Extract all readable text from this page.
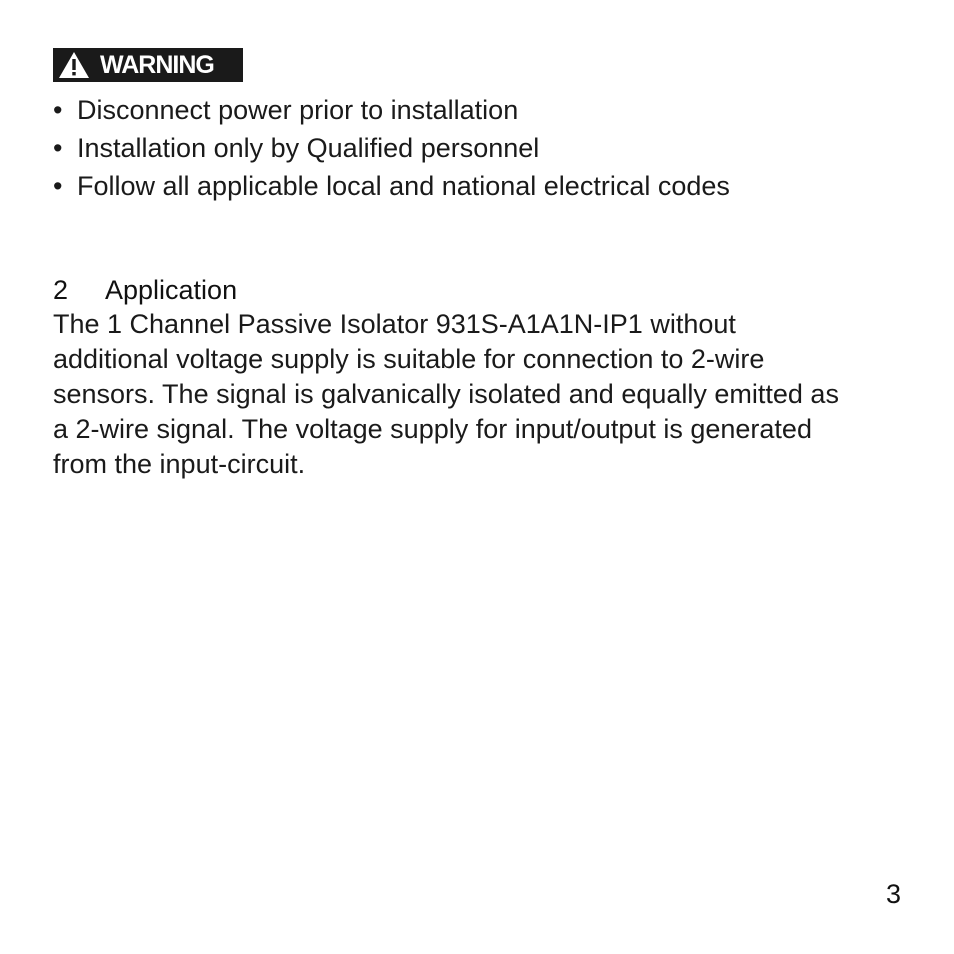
WARNING
• Disconnect power prior to installation
• Installation only by Qualified personnel
• Follow all applicable local and national electrical codes
2 Application

The 1 Channel Passive Isolator 931S-A1A1N-IP1 without
additional voltage supply is suitable for connection to 2-wire
sensors. The signal is galvanically isolated and equally emitted as
a 2-wire signal. The voltage supply for input/output is generated
from the input-circuit.

3
